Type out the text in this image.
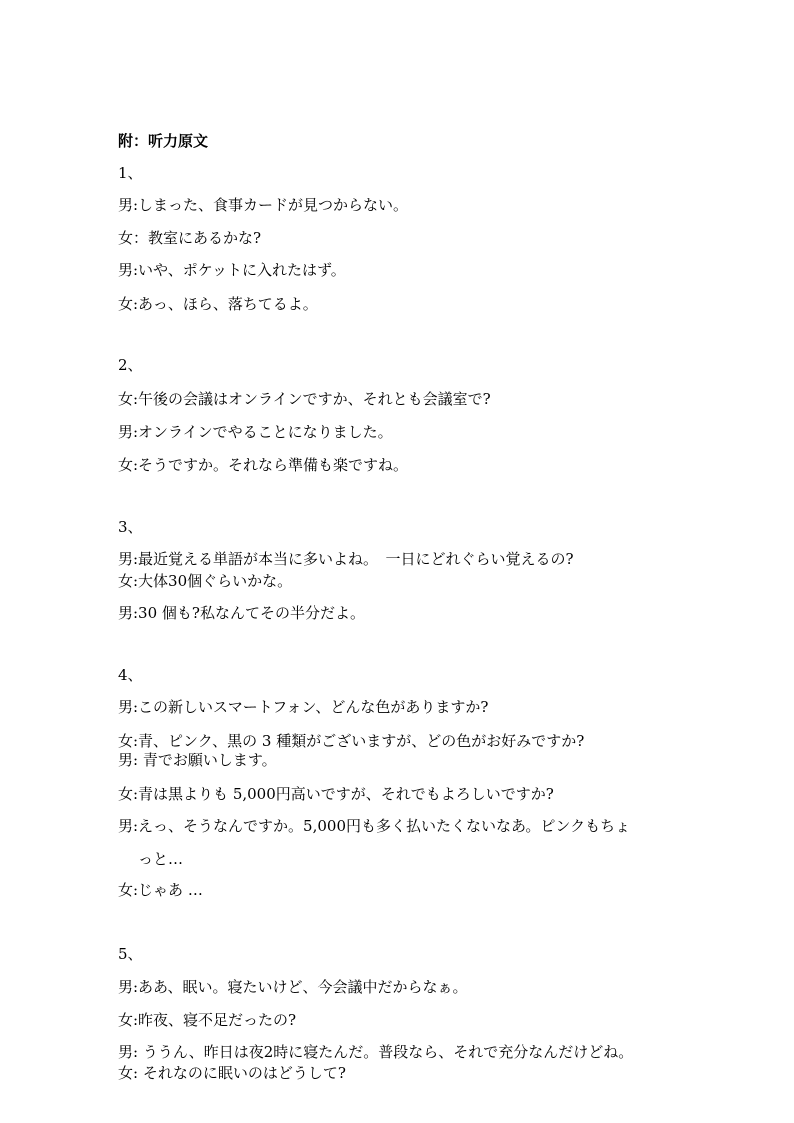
附：听力原文
1、
男:しまった、食事カードが見つからない。
女：教室にあるかな?
男:いや、ポケットに入れたはず。
女:あっ、ほら、落ちてるよ。
2、
女:午後の会議はオンラインですか、それとも会議室で?
男:オンラインでやることになりました。
女:そうですか。それなら準備も楽ですね。
3、
男:最近覚える単語が本当に多いよね。　一日にどれぐらい覚えるの?
女:大体30個ぐらいかな。
男:30 個も?私なんてその半分だよ。
4、
男:この新しいスマートフォン、どんな色がありますか?
女:青、ピンク、黒の 3 種類がございますが、どの色がお好みですか?
男: 青でお願いします。
女:青は黒よりも 5,000円高いですが、それでもよろしいですか?
男:えっ、そうなんですか。5,000円も多く払いたくないなあ。ピンクもちょ
っと…
女:じゃあ …
5、
男:ああ、眠い。寝たいけど、今会議中だからなぁ。
女:昨夜、寝不足だったの?
男: ううん、昨日は夜2時に寝たんだ。普段なら、それで充分なんだけどね。
女: それなのに眠いのはどうして?
